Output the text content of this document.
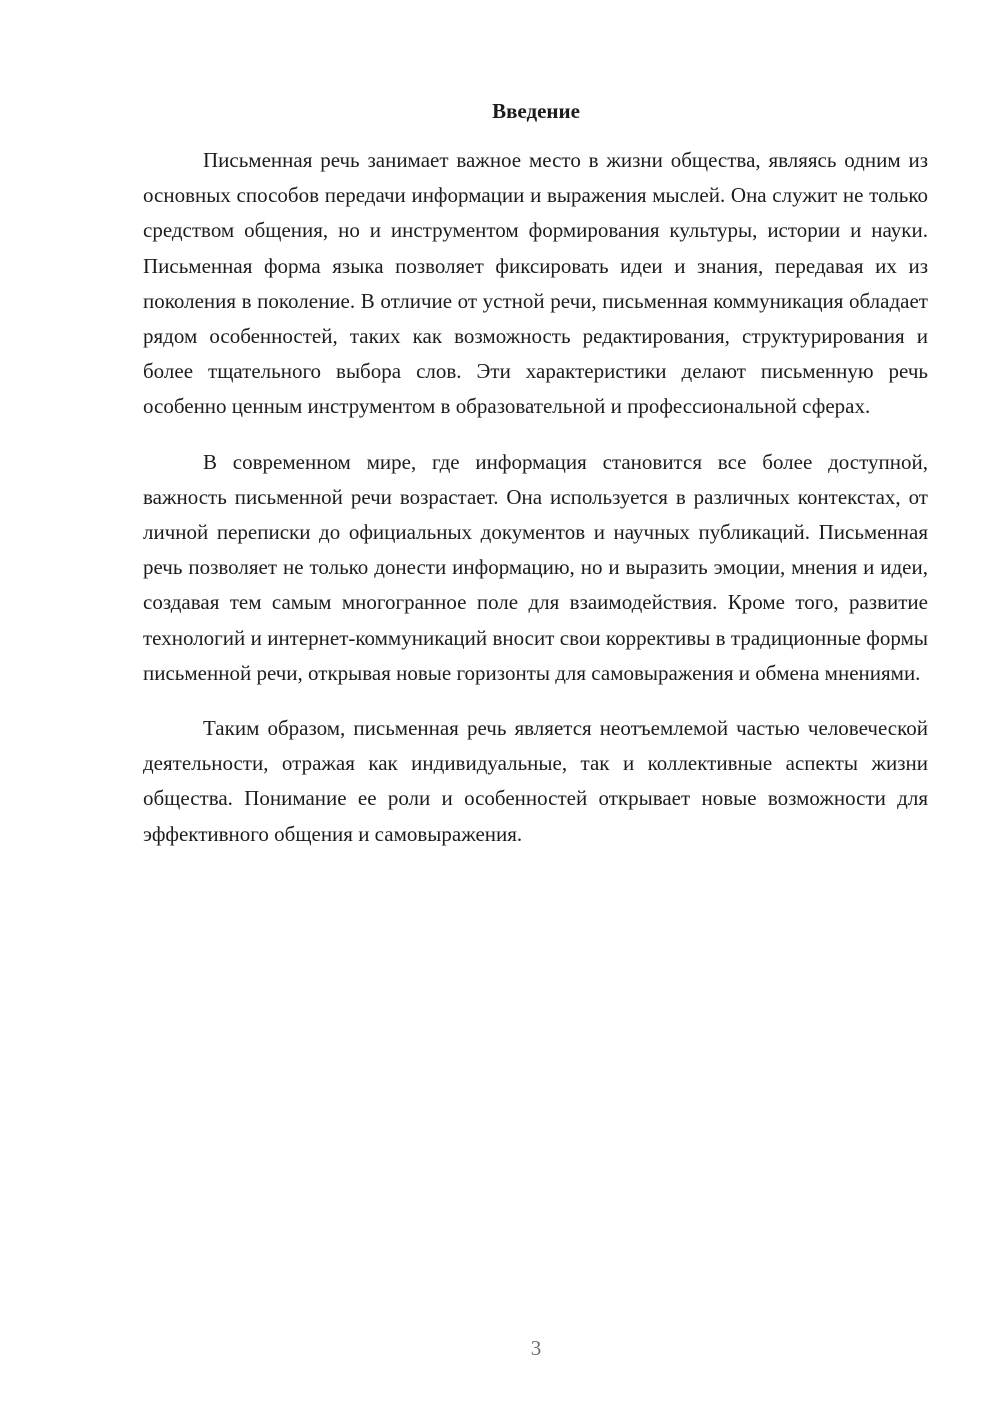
Введение

Письменная речь занимает важное место в жизни общества, являясь одним из основных способов передачи информации и выражения мыслей. Она служит не только средством общения, но и инструментом формирования культуры, истории и науки. Письменная форма языка позволяет фиксировать идеи и знания, передавая их из поколения в поколение. В отличие от устной речи, письменная коммуникация обладает рядом особенностей, таких как возможность редактирования, структурирования и более тщательного выбора слов. Эти характеристики делают письменную речь особенно ценным инструментом в образовательной и профессиональной сферах.

В современном мире, где информация становится все более доступной, важность письменной речи возрастает. Она используется в различных контекстах, от личной переписки до официальных документов и научных публикаций. Письменная речь позволяет не только донести информацию, но и выразить эмоции, мнения и идеи, создавая тем самым многогранное поле для взаимодействия. Кроме того, развитие технологий и интернет-коммуникаций вносит свои коррективы в традиционные формы письменной речи, открывая новые горизонты для самовыражения и обмена мнениями.

Таким образом, письменная речь является неотъемлемой частью человеческой деятельности, отражая как индивидуальные, так и коллективные аспекты жизни общества. Понимание ее роли и особенностей открывает новые возможности для эффективного общения и самовыражения.

3
